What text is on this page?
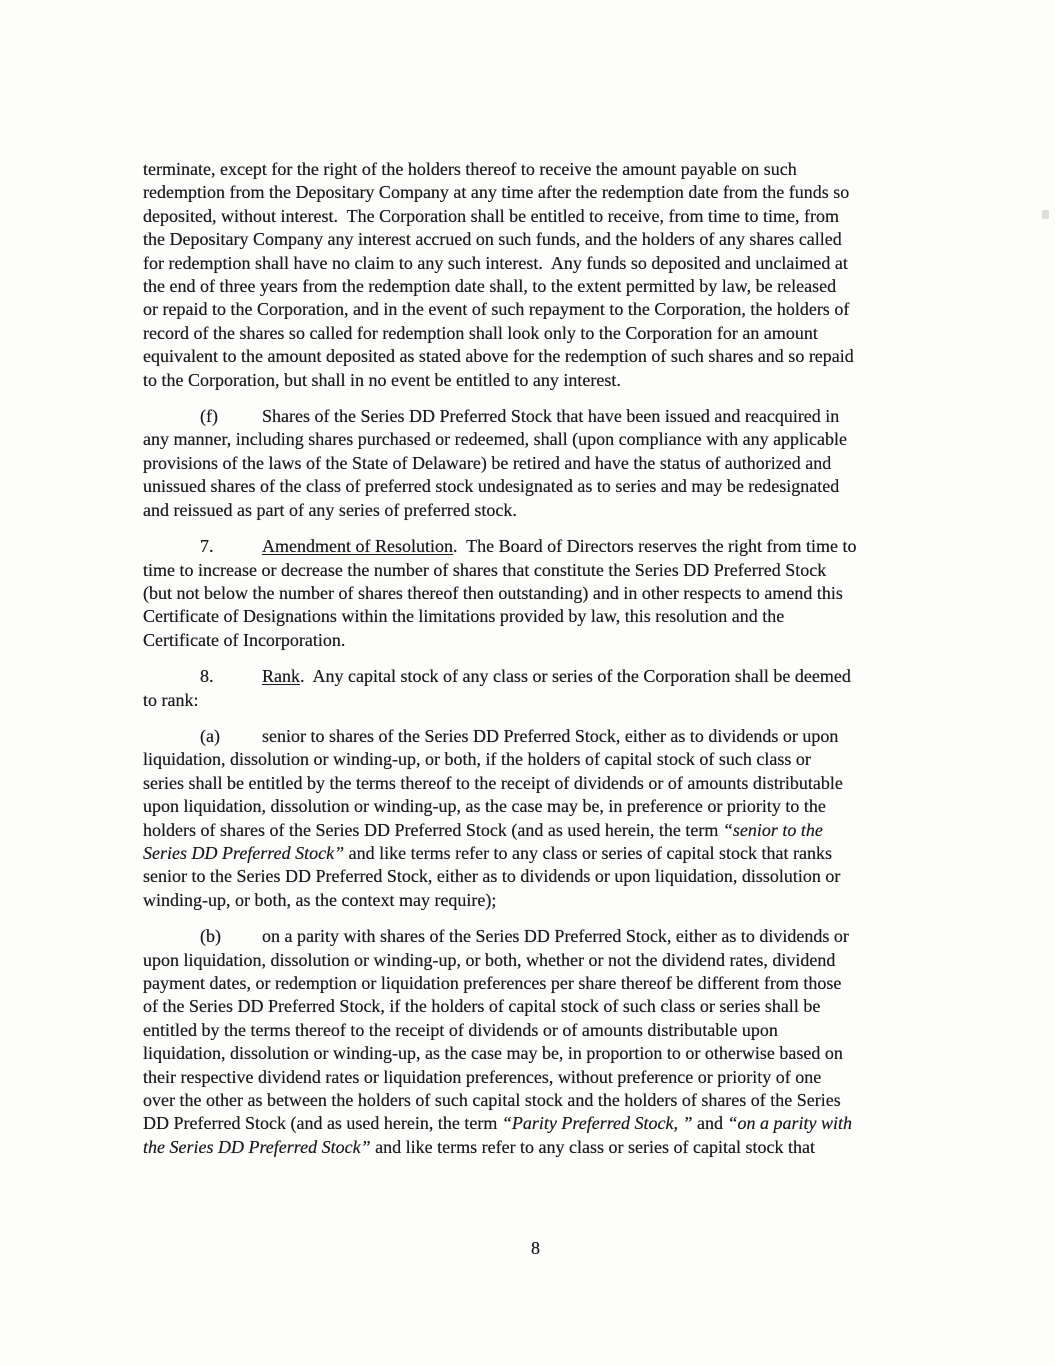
terminate, except for the right of the holders thereof to receive the amount payable on such
redemption from the Depositary Company at any time after the redemption date from the funds so
deposited, without interest.  The Corporation shall be entitled to receive, from time to time, from
the Depositary Company any interest accrued on such funds, and the holders of any shares called
for redemption shall have no claim to any such interest.  Any funds so deposited and unclaimed at
the end of three years from the redemption date shall, to the extent permitted by law, be released
or repaid to the Corporation, and in the event of such repayment to the Corporation, the holders of
record of the shares so called for redemption shall look only to the Corporation for an amount
equivalent to the amount deposited as stated above for the redemption of such shares and so repaid
to the Corporation, but shall in no event be entitled to any interest.
(f) Shares of the Series DD Preferred Stock that have been issued and reacquired in
any manner, including shares purchased or redeemed, shall (upon compliance with any applicable
provisions of the laws of the State of Delaware) be retired and have the status of authorized and
unissued shares of the class of preferred stock undesignated as to series and may be redesignated
and reissued as part of any series of preferred stock.
7.	Amendment of Resolution.  The Board of Directors reserves the right from time to
time to increase or decrease the number of shares that constitute the Series DD Preferred Stock
(but not below the number of shares thereof then outstanding) and in other respects to amend this
Certificate of Designations within the limitations provided by law, this resolution and the
Certificate of Incorporation.
8.	Rank.  Any capital stock of any class or series of the Corporation shall be deemed
to rank:
(a) senior to shares of the Series DD Preferred Stock, either as to dividends or upon
liquidation, dissolution or winding-up, or both, if the holders of capital stock of such class or
series shall be entitled by the terms thereof to the receipt of dividends or of amounts distributable
upon liquidation, dissolution or winding-up, as the case may be, in preference or priority to the
holders of shares of the Series DD Preferred Stock (and as used herein, the term “senior to the
Series DD Preferred Stock” and like terms refer to any class or series of capital stock that ranks
senior to the Series DD Preferred Stock, either as to dividends or upon liquidation, dissolution or
winding-up, or both, as the context may require);
(b) on a parity with shares of the Series DD Preferred Stock, either as to dividends or
upon liquidation, dissolution or winding-up, or both, whether or not the dividend rates, dividend
payment dates, or redemption or liquidation preferences per share thereof be different from those
of the Series DD Preferred Stock, if the holders of capital stock of such class or series shall be
entitled by the terms thereof to the receipt of dividends or of amounts distributable upon
liquidation, dissolution or winding-up, as the case may be, in proportion to or otherwise based on
their respective dividend rates or liquidation preferences, without preference or priority of one
over the other as between the holders of such capital stock and the holders of shares of the Series
DD Preferred Stock (and as used herein, the term “Parity Preferred Stock, ” and “on a parity with
the Series DD Preferred Stock” and like terms refer to any class or series of capital stock that
8
